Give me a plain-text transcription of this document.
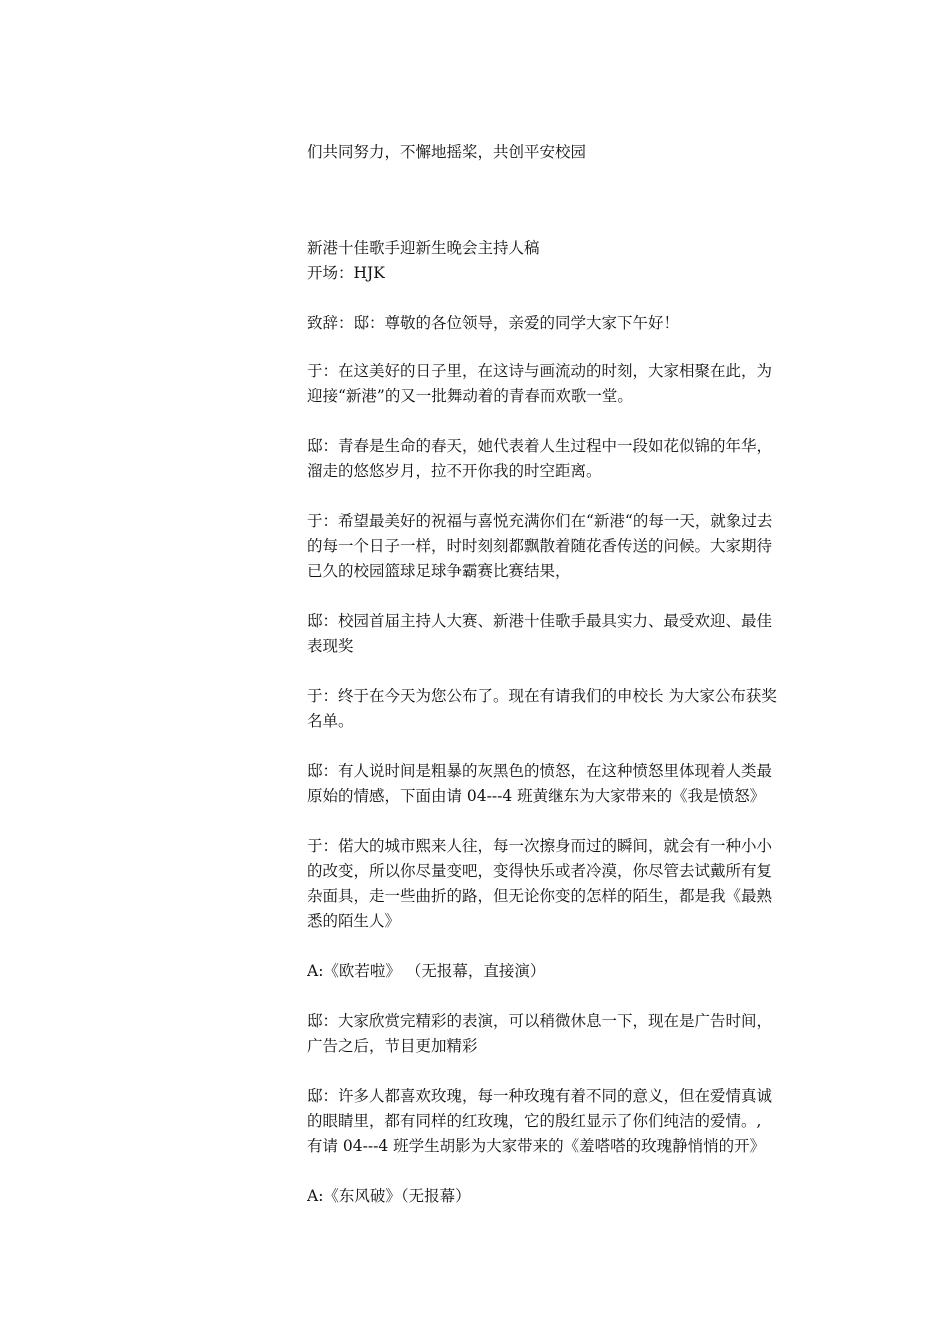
们共同努力，不懈地摇桨，共创平安校园
新港十佳歌手迎新生晚会主持人稿
开场：HJK
致辞：邸：尊敬的各位领导，亲爱的同学大家下午好！
于：在这美好的日子里，在这诗与画流动的时刻，大家相聚在此，为
迎接“新港”的又一批舞动着的青春而欢歌一堂。
邸：青春是生命的春天，她代表着人生过程中一段如花似锦的年华，
溜走的悠悠岁月，拉不开你我的时空距离。
于：希望最美好的祝福与喜悦充满你们在“新港“的每一天，就象过去
的每一个日子一样，时时刻刻都飘散着随花香传送的问候。大家期待
已久的校园篮球足球争霸赛比赛结果，
邸：校园首届主持人大赛、新港十佳歌手最具实力、最受欢迎、最佳
表现奖
于：终于在今天为您公布了。现在有请我们的申校长 为大家公布获奖
名单。
邸：有人说时间是粗暴的灰黑色的愤怒，在这种愤怒里体现着人类最
原始的情感，下面由请 04---4 班黄继东为大家带来的《我是愤怒》
于：偌大的城市熙来人往，每一次擦身而过的瞬间，就会有一种小小
的改变，所以你尽量变吧，变得快乐或者冷漠，你尽管去试戴所有复
杂面具，走一些曲折的路，但无论你变的怎样的陌生，都是我《最熟
悉的陌生人》
A:《欧若啦》 （无报幕，直接演）
邸：大家欣赏完精彩的表演，可以稍微休息一下，现在是广告时间，
广告之后，节目更加精彩
邸：许多人都喜欢玫瑰，每一种玫瑰有着不同的意义，但在爱情真诚
的眼睛里，都有同样的红玫瑰，它的殷红显示了你们纯洁的爱情。,
有请 04---4 班学生胡影为大家带来的《羞嗒嗒的玫瑰静悄悄的开》
A:《东风破》（无报幕）
